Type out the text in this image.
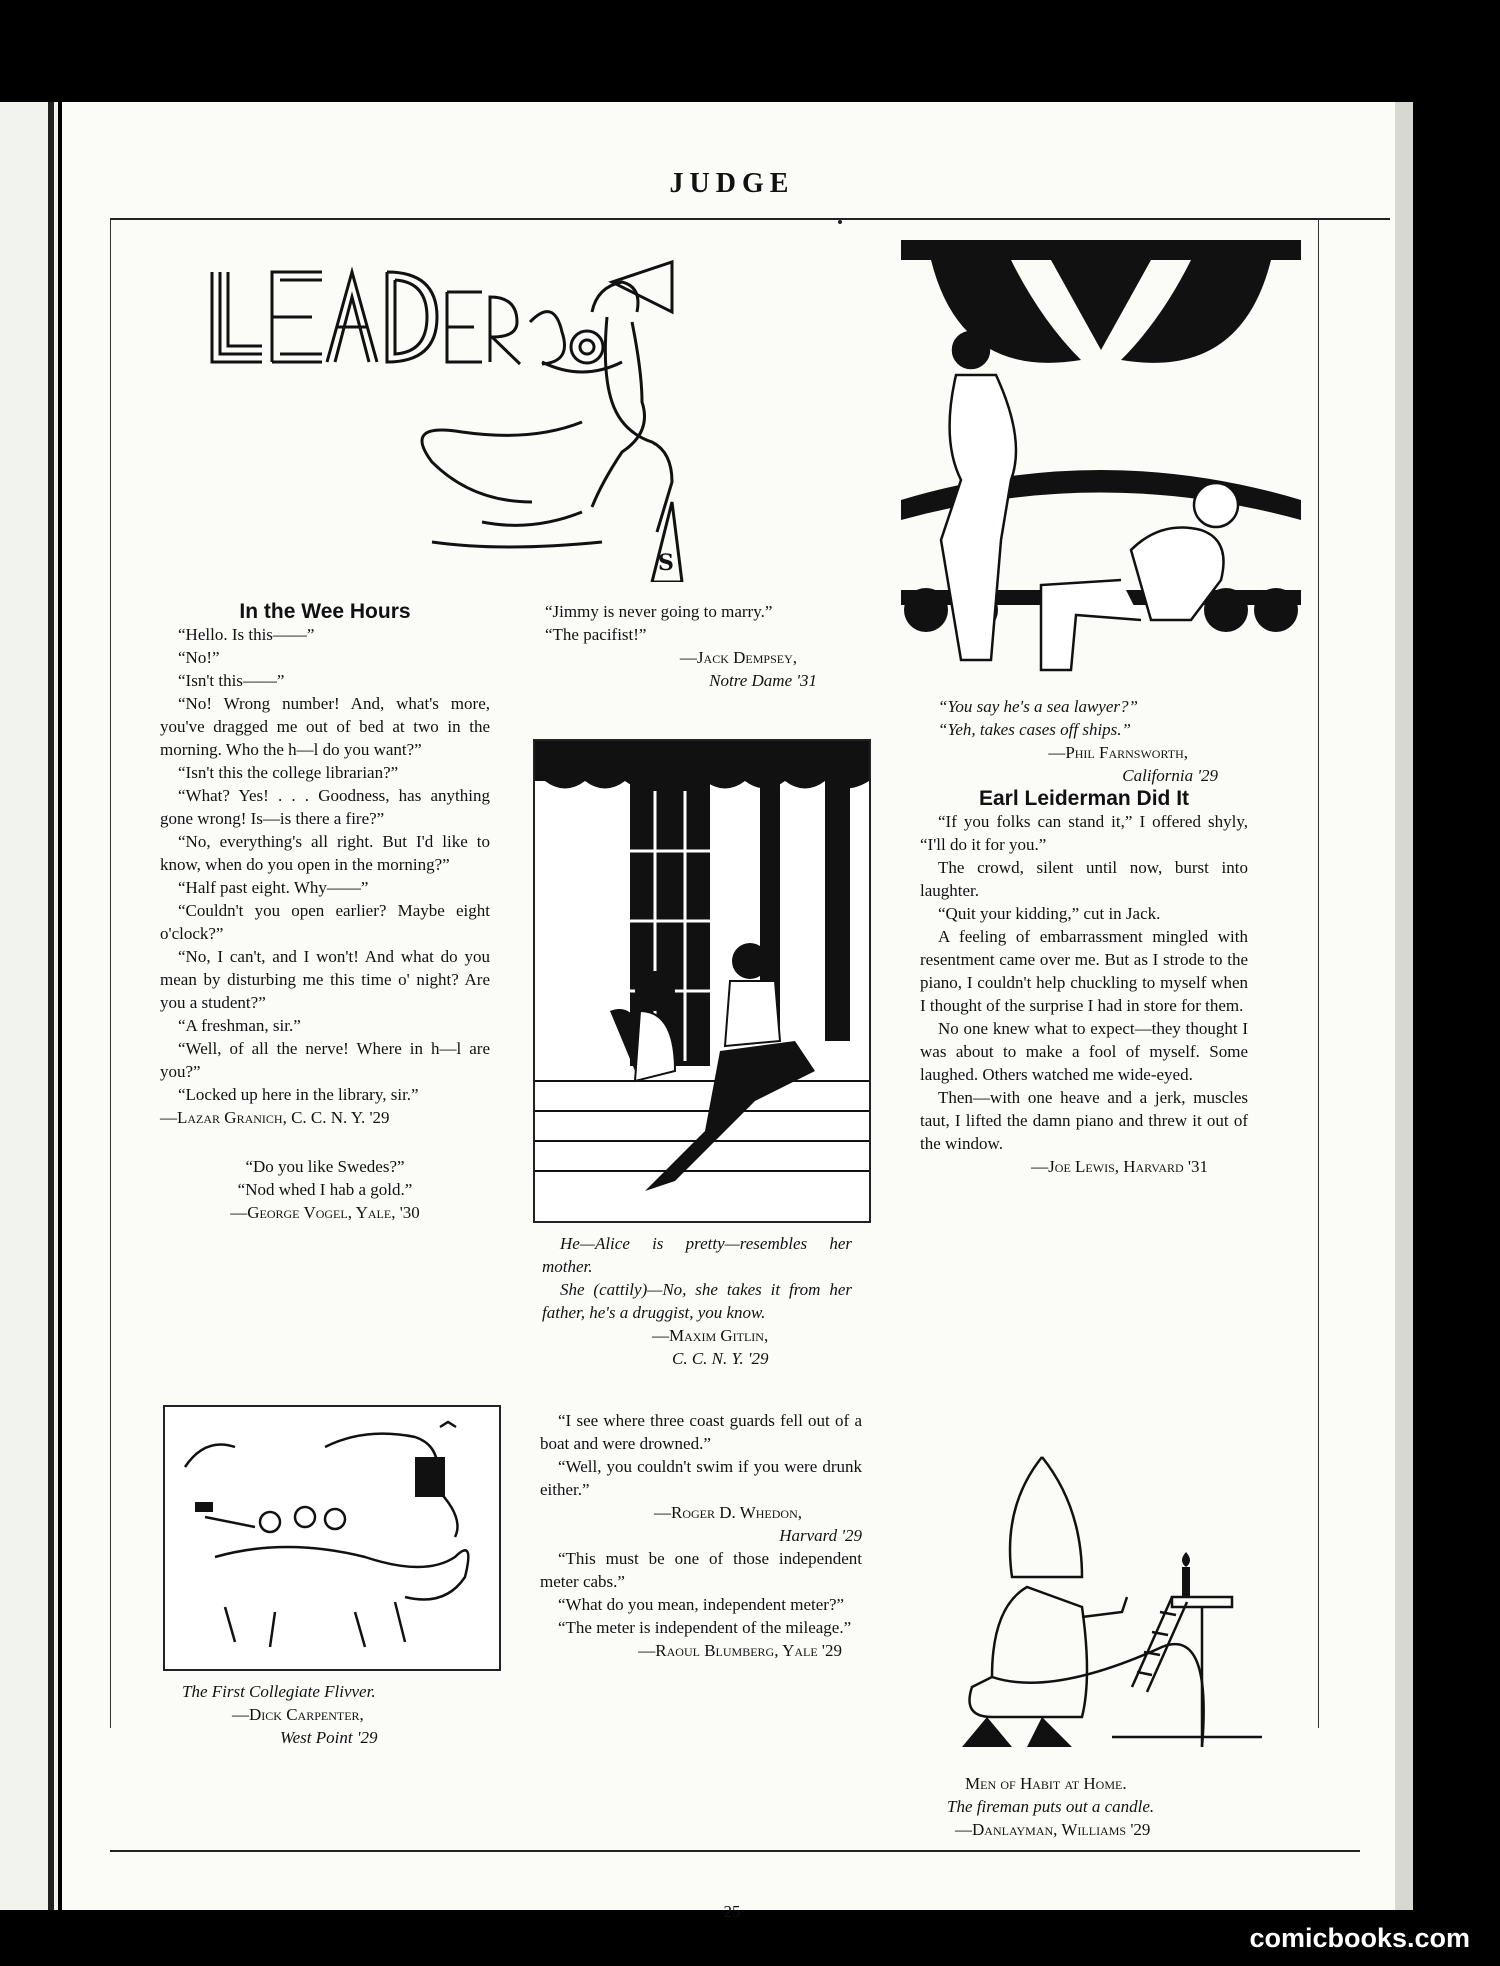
JUDGE
S

In the Wee Hours

“Hello. Is this——”

“No!”

“Isn't this——”

“No! Wrong number! And, what's more, you've dragged me out of bed at two in the morning. Who the h—l do you want?”

“Isn't this the college librarian?”

“What? Yes! . . . Goodness, has anything gone wrong! Is—is there a fire?”

“No, everything's all right. But I'd like to know, when do you open in the morning?”

“Half past eight. Why——”

“Couldn't you open earlier? Maybe eight o'clock?”

“No, I can't, and I won't! And what do you mean by disturbing me this time o' night? Are you a student?”

“A freshman, sir.”

“Well, of all the nerve! Where in h—l are you?”

“Locked up here in the library, sir.”

—Lazar Granich, C. C. N. Y. '29

“Do you like Swedes?”

“Nod whed I hab a gold.”

—George Vogel, Yale, '30

The First Collegiate Flivver.

—Dick Carpenter,

West Point '29

“Jimmy is never going to marry.”

“The pacifist!”

—Jack Dempsey,

Notre Dame '31

He—Alice is pretty—resembles her mother.

She (cattily)—No, she takes it from her father, he's a druggist, you know.

—Maxim Gitlin,

C. C. N. Y. '29

“I see where three coast guards fell out of a boat and were drowned.”

“Well, you couldn't swim if you were drunk either.”

—Roger D. Whedon,

Harvard '29

“This must be one of those independent meter cabs.”

“What do you mean, independent meter?”

“The meter is independent of the mileage.”

—Raoul Blumberg, Yale '29

“You say he's a sea lawyer?”

“Yeh, takes cases off ships.”

—Phil Farnsworth,

California '29

Earl Leiderman Did It

“If you folks can stand it,” I offered shyly, “I'll do it for you.”

The crowd, silent until now, burst into laughter.

“Quit your kidding,” cut in Jack.

A feeling of embarrassment mingled with resentment came over me. But as I strode to the piano, I couldn't help chuckling to myself when I thought of the surprise I had in store for them.

No one knew what to expect—they thought I was about to make a fool of myself. Some laughed. Others watched me wide-eyed.

Then—with one heave and a jerk, muscles taut, I lifted the damn piano and threw it out of the window.

—Joe Lewis, Harvard '31

Men of Habit at Home.

The fireman puts out a candle.

—Danlayman, Williams '29

25
comicbooks.com
